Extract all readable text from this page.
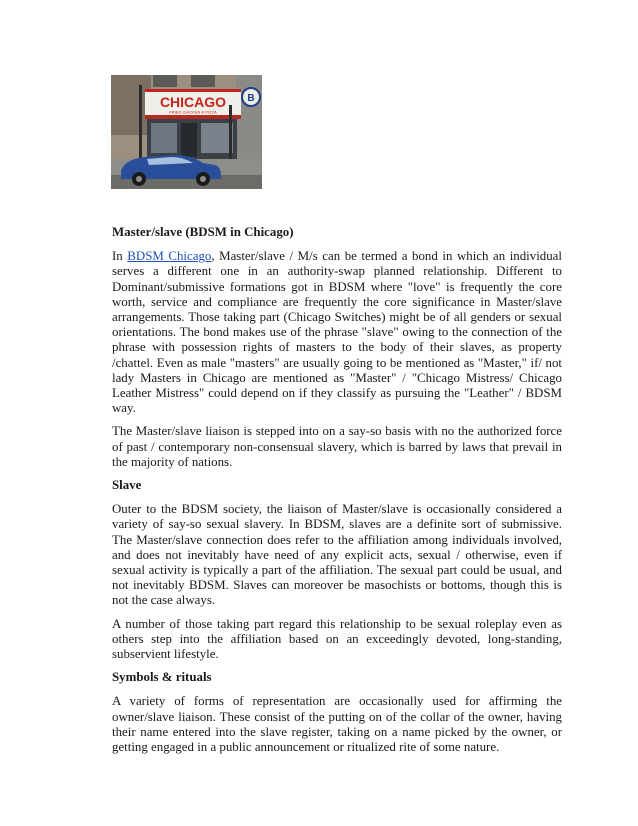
CHICAGO
FRIED CHICKEN & PIZZA
B

Master/slave (BDSM in Chicago)

In BDSM Chicago, Master/slave / M/s can be termed a bond in which an individual serves a different one in an authority-swap planned relationship. Different to Dominant/submissive formations got in BDSM where "love" is frequently the core worth, service and compliance are frequently the core significance in Master/slave arrangements. Those taking part (Chicago Switches) might be of all genders or sexual orientations. The bond makes use of the phrase "slave" owing to the connection of the phrase with possession rights of masters to the body of their slaves, as property /chattel. Even as male "masters" are usually going to be mentioned as "Master," if/ not lady Masters in Chicago are mentioned as "Master" / "Chicago Mistress/ Chicago Leather Mistress" could depend on if they classify as pursuing the "Leather" / BDSM way.

The Master/slave liaison is stepped into on a say-so basis with no the authorized force of past / contemporary non-consensual slavery, which is barred by laws that prevail in the majority of nations.

Slave

Outer to the BDSM society, the liaison of Master/slave is occasionally considered a variety of say-so sexual slavery. In BDSM, slaves are a definite sort of submissive. The Master/slave connection does refer to the affiliation among individuals involved, and does not inevitably have need of any explicit acts, sexual / otherwise, even if sexual activity is typically a part of the affiliation. The sexual part could be usual, and not inevitably BDSM. Slaves can moreover be masochists or bottoms, though this is not the case always.

A number of those taking part regard this relationship to be sexual roleplay even as others step into the affiliation based on an exceedingly devoted, long-standing, subservient lifestyle.

Symbols & rituals

A variety of forms of representation are occasionally used for affirming the owner/slave liaison. These consist of the putting on of the collar of the owner, having their name entered into the slave register, taking on a name picked by the owner, or getting engaged in a public announcement or ritualized rite of some nature.
